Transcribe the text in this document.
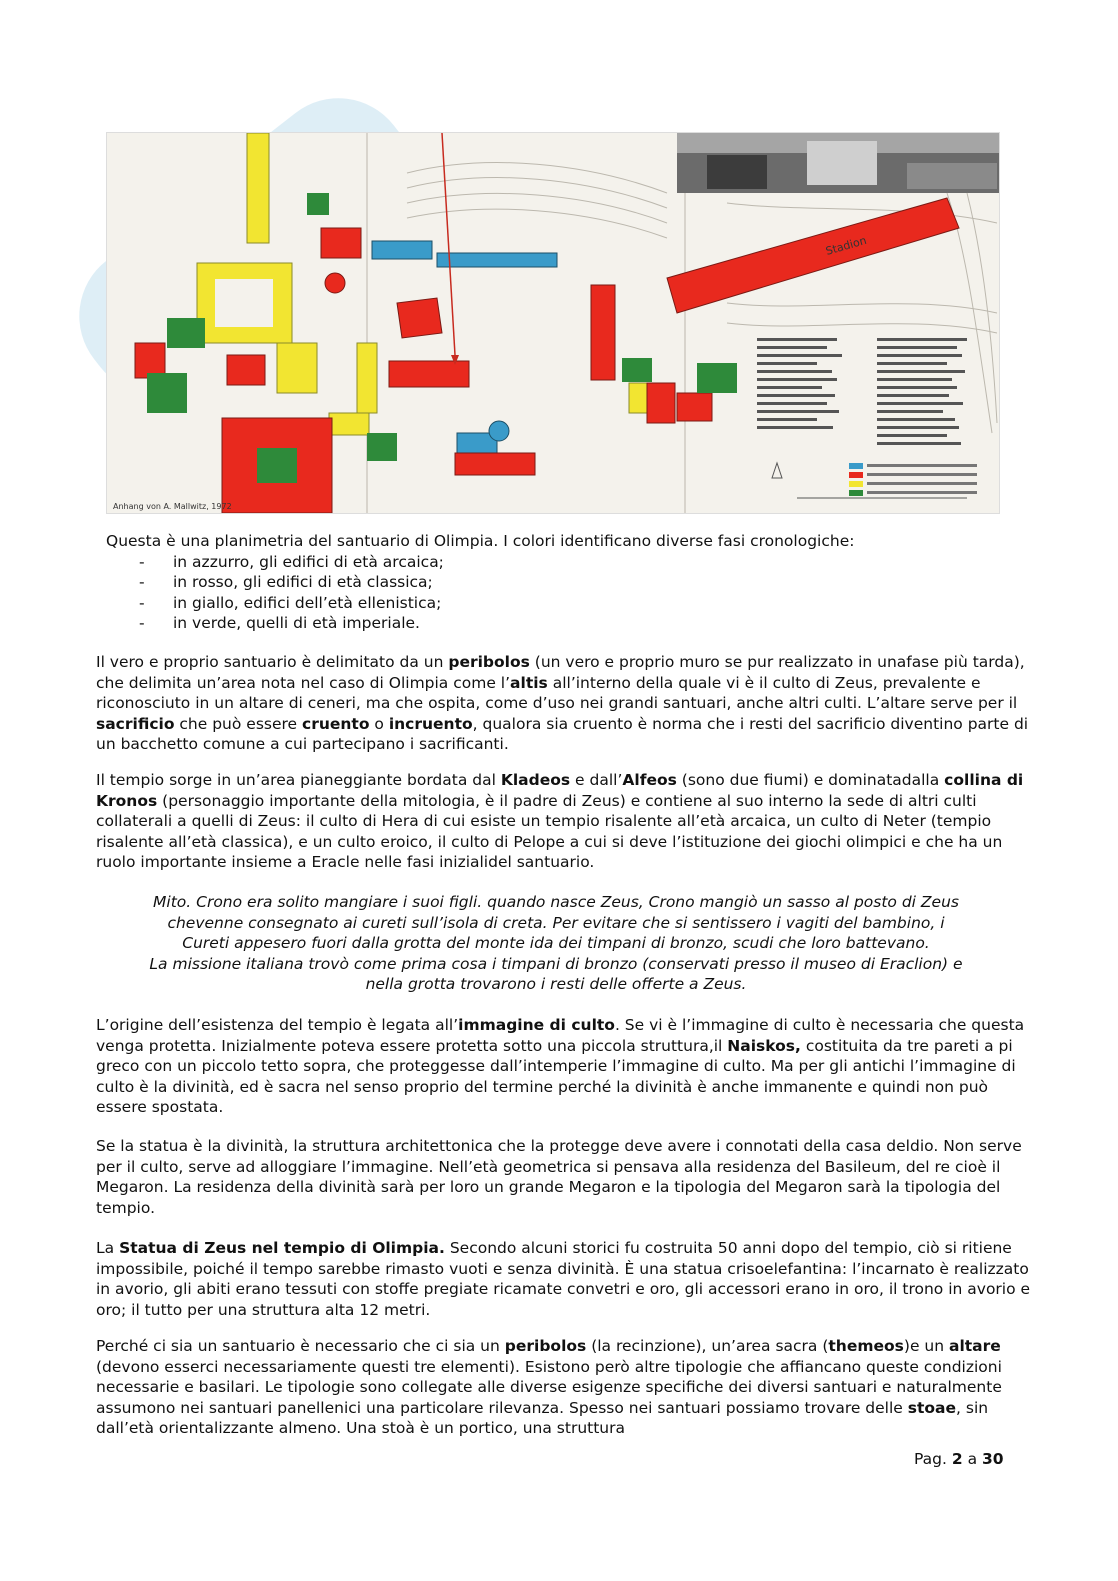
Stadion
Anhang von A. Mallwitz, 1972

Questa è una planimetria del santuario di Olimpia. I colori identificano diverse fasi cronologiche:

- in azzurro, gli edifici di età arcaica;
- in rosso, gli edifici di età classica;
- in giallo, edifici dell’età ellenistica;
- in verde, quelli di età imperiale.

Il vero e proprio santuario è delimitato da un peribolos (un vero e proprio muro se pur realizzato in unafase più tarda), che delimita un’area nota nel caso di Olimpia come l’altis all’interno della quale vi è il culto di Zeus, prevalente e riconosciuto in un altare di ceneri, ma che ospita, come d’uso nei grandi santuari, anche altri culti. L’altare serve per il sacrificio che può essere cruento o incruento, qualora sia cruento è norma che i resti del sacrificio diventino parte di un bacchetto comune a cui partecipano i sacrificanti.

Il tempio sorge in un’area pianeggiante bordata dal Kladeos e dall’Alfeos (sono due fiumi) e dominatadalla collina di Kronos (personaggio importante della mitologia, è il padre di Zeus) e contiene al suo interno la sede di altri culti collaterali a quelli di Zeus: il culto di Hera di cui esiste un tempio risalente all’età arcaica, un culto di Neter (tempio risalente all’età classica), e un culto eroico, il culto di Pelope a cui si deve l’istituzione dei giochi olimpici e che ha un ruolo importante insieme a Eracle nelle fasi inizialidel santuario.

Mito. Crono era solito mangiare i suoi figli. quando nasce Zeus, Crono mangiò un sasso al posto di Zeus

chevenne consegnato ai cureti sull’isola di creta. Per evitare che si sentissero i vagiti del bambino, i

Cureti appesero fuori dalla grotta del monte ida dei timpani di bronzo, scudi che loro battevano.

La missione italiana trovò come prima cosa i timpani di bronzo (conservati presso il museo di Eraclion) e

nella grotta trovarono i resti delle offerte a Zeus.

L’origine dell’esistenza del tempio è legata all’immagine di culto. Se vi è l’immagine di culto è necessaria che questa venga protetta. Inizialmente poteva essere protetta sotto una piccola struttura,il Naiskos, costituita da tre pareti a pi greco con un piccolo tetto sopra, che proteggesse dall’intemperie l’immagine di culto. Ma per gli antichi l’immagine di culto è la divinità, ed è sacra nel senso proprio del termine perché la divinità è anche immanente e quindi non può essere spostata.

Se la statua è la divinità, la struttura architettonica che la protegge deve avere i connotati della casa deldio. Non serve per il culto, serve ad alloggiare l’immagine. Nell’età geometrica si pensava alla residenza del Basileum, del re cioè il Megaron. La residenza della divinità sarà per loro un grande Megaron e la tipologia del Megaron sarà la tipologia del tempio.

La Statua di Zeus nel tempio di Olimpia. Secondo alcuni storici fu costruita 50 anni dopo del tempio, ciò si ritiene impossibile, poiché il tempo sarebbe rimasto vuoti e senza divinità. È una statua crisoelefantina: l’incarnato è realizzato in avorio, gli abiti erano tessuti con stoffe pregiate ricamate convetri e oro, gli accessori erano in oro, il trono in avorio e oro; il tutto per una struttura alta 12 metri.

Perché ci sia un santuario è necessario che ci sia un peribolos (la recinzione), un’area sacra (themeos)e un altare (devono esserci necessariamente questi tre elementi). Esistono però altre tipologie che affiancano queste condizioni necessarie e basilari. Le tipologie sono collegate alle diverse esigenze specifiche dei diversi santuari e naturalmente assumono nei santuari panellenici una particolare rilevanza. Spesso nei santuari possiamo trovare delle stoae, sin dall’età orientalizzante almeno. Una stoà è un portico, una struttura

Pag. 2 a 30
